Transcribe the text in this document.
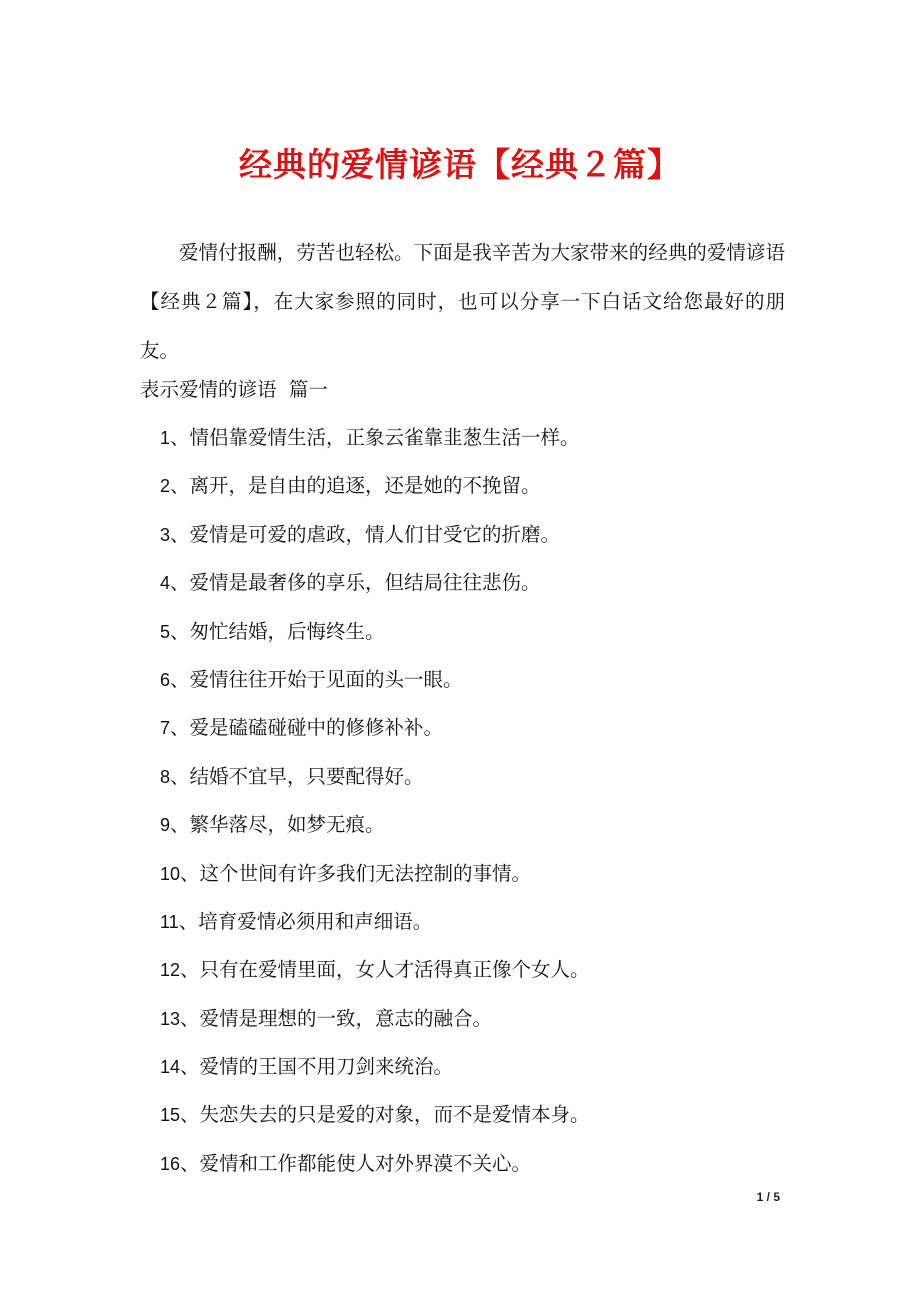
经典的爱情谚语【经典２篇】
爱情付报酬，劳苦也轻松。下面是我辛苦为大家带来的经典的爱情谚语【经典２篇】，在大家参照的同时，也可以分享一下白话文给您最好的朋友。
表示爱情的谚语  篇一
1、情侣靠爱情生活，正象云雀靠韭葱生活一样。
2、离开，是自由的追逐，还是她的不挽留。
3、爱情是可爱的虐政，情人们甘受它的折磨。
4、爱情是最奢侈的享乐，但结局往往悲伤。
5、匆忙结婚，后悔终生。
6、爱情往往开始于见面的头一眼。
7、爱是磕磕碰碰中的修修补补。
8、结婚不宜早，只要配得好。
9、繁华落尽，如梦无痕。
10、这个世间有许多我们无法控制的事情。
11、培育爱情必须用和声细语。
12、只有在爱情里面，女人才活得真正像个女人。
13、爱情是理想的一致，意志的融合。
14、爱情的王国不用刀剑来统治。
15、失恋失去的只是爱的对象，而不是爱情本身。
16、爱情和工作都能使人对外界漠不关心。
1 / 5
